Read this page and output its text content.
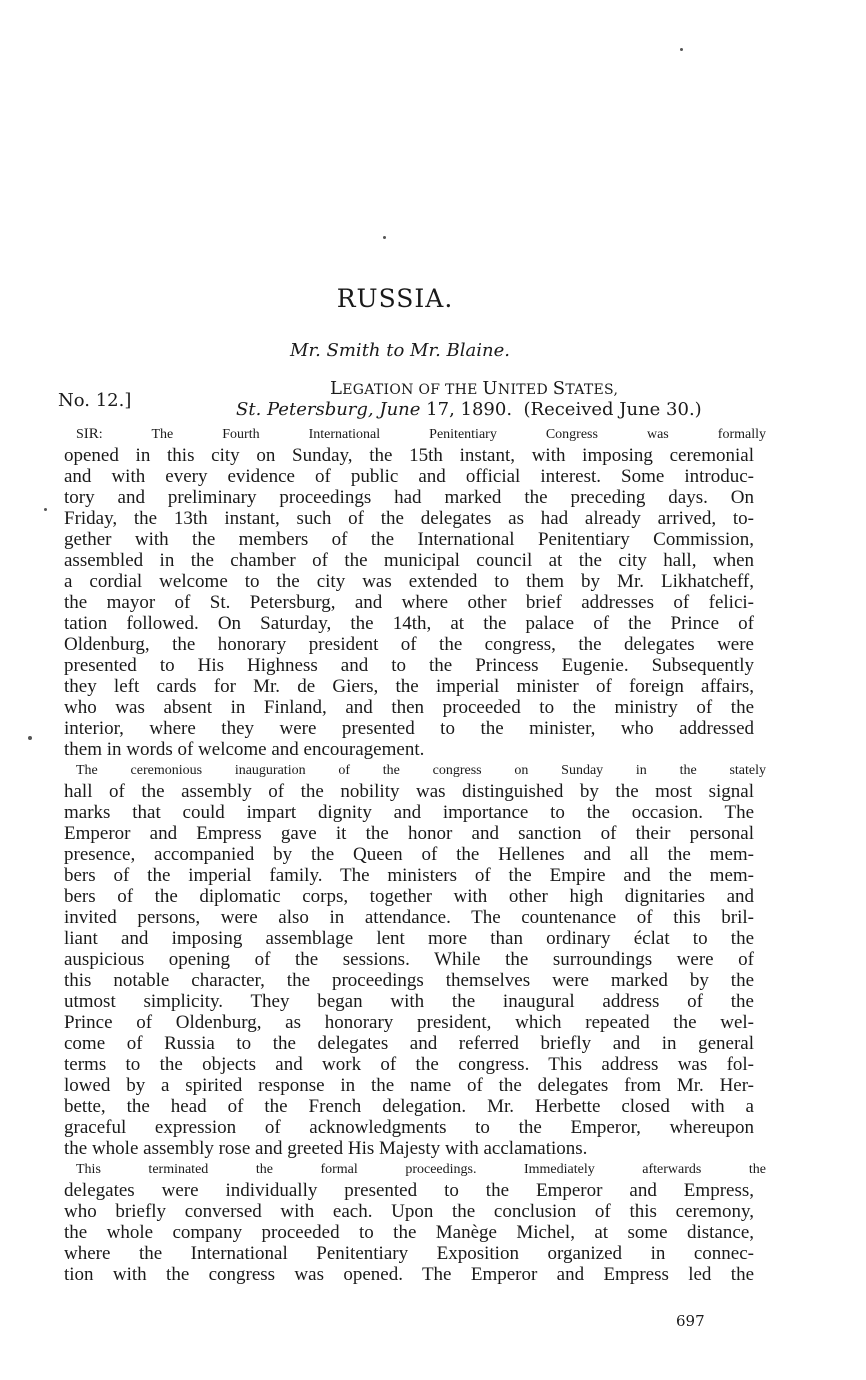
RUSSIA.
Mr. Smith to Mr. Blaine.
No. 12.]
LEGATION OF THE UNITED STATES,
St. Petersburg, June 17, 1890. (Received June 30.)

SIR: The Fourth International Penitentiary Congress was formally
opened in this city on Sunday, the 15th instant, with imposing ceremonial
and with every evidence of public and official interest. Some introduc-
tory and preliminary proceedings had marked the preceding days. On
Friday, the 13th instant, such of the delegates as had already arrived, to-
gether with the members of the International Penitentiary Commission,
assembled in the chamber of the municipal council at the city hall, when
a cordial welcome to the city was extended to them by Mr. Likhatcheff,
the mayor of St. Petersburg, and where other brief addresses of felici-
tation followed. On Saturday, the 14th, at the palace of the Prince of
Oldenburg, the honorary president of the congress, the delegates were
presented to His Highness and to the Princess Eugenie. Subsequently
they left cards for Mr. de Giers, the imperial minister of foreign affairs,
who was absent in Finland, and then proceeded to the ministry of the
interior, where they were presented to the minister, who addressed
them in words of welcome and encouragement.

The ceremonious inauguration of the congress on Sunday in the stately
hall of the assembly of the nobility was distinguished by the most signal
marks that could impart dignity and importance to the occasion. The
Emperor and Empress gave it the honor and sanction of their personal
presence, accompanied by the Queen of the Hellenes and all the mem-
bers of the imperial family. The ministers of the Empire and the mem-
bers of the diplomatic corps, together with other high dignitaries and
invited persons, were also in attendance. The countenance of this bril-
liant and imposing assemblage lent more than ordinary éclat to the
auspicious opening of the sessions. While the surroundings were of
this notable character, the proceedings themselves were marked by the
utmost simplicity. They began with the inaugural address of the
Prince of Oldenburg, as honorary president, which repeated the wel-
come of Russia to the delegates and referred briefly and in general
terms to the objects and work of the congress. This address was fol-
lowed by a spirited response in the name of the delegates from Mr. Her-
bette, the head of the French delegation. Mr. Herbette closed with a
graceful expression of acknowledgments to the Emperor, whereupon
the whole assembly rose and greeted His Majesty with acclamations.

This terminated the formal proceedings. Immediately afterwards the
delegates were individually presented to the Emperor and Empress,
who briefly conversed with each. Upon the conclusion of this ceremony,
the whole company proceeded to the Manège Michel, at some distance,
where the International Penitentiary Exposition organized in connec-
tion with the congress was opened. The Emperor and Empress led the

697
